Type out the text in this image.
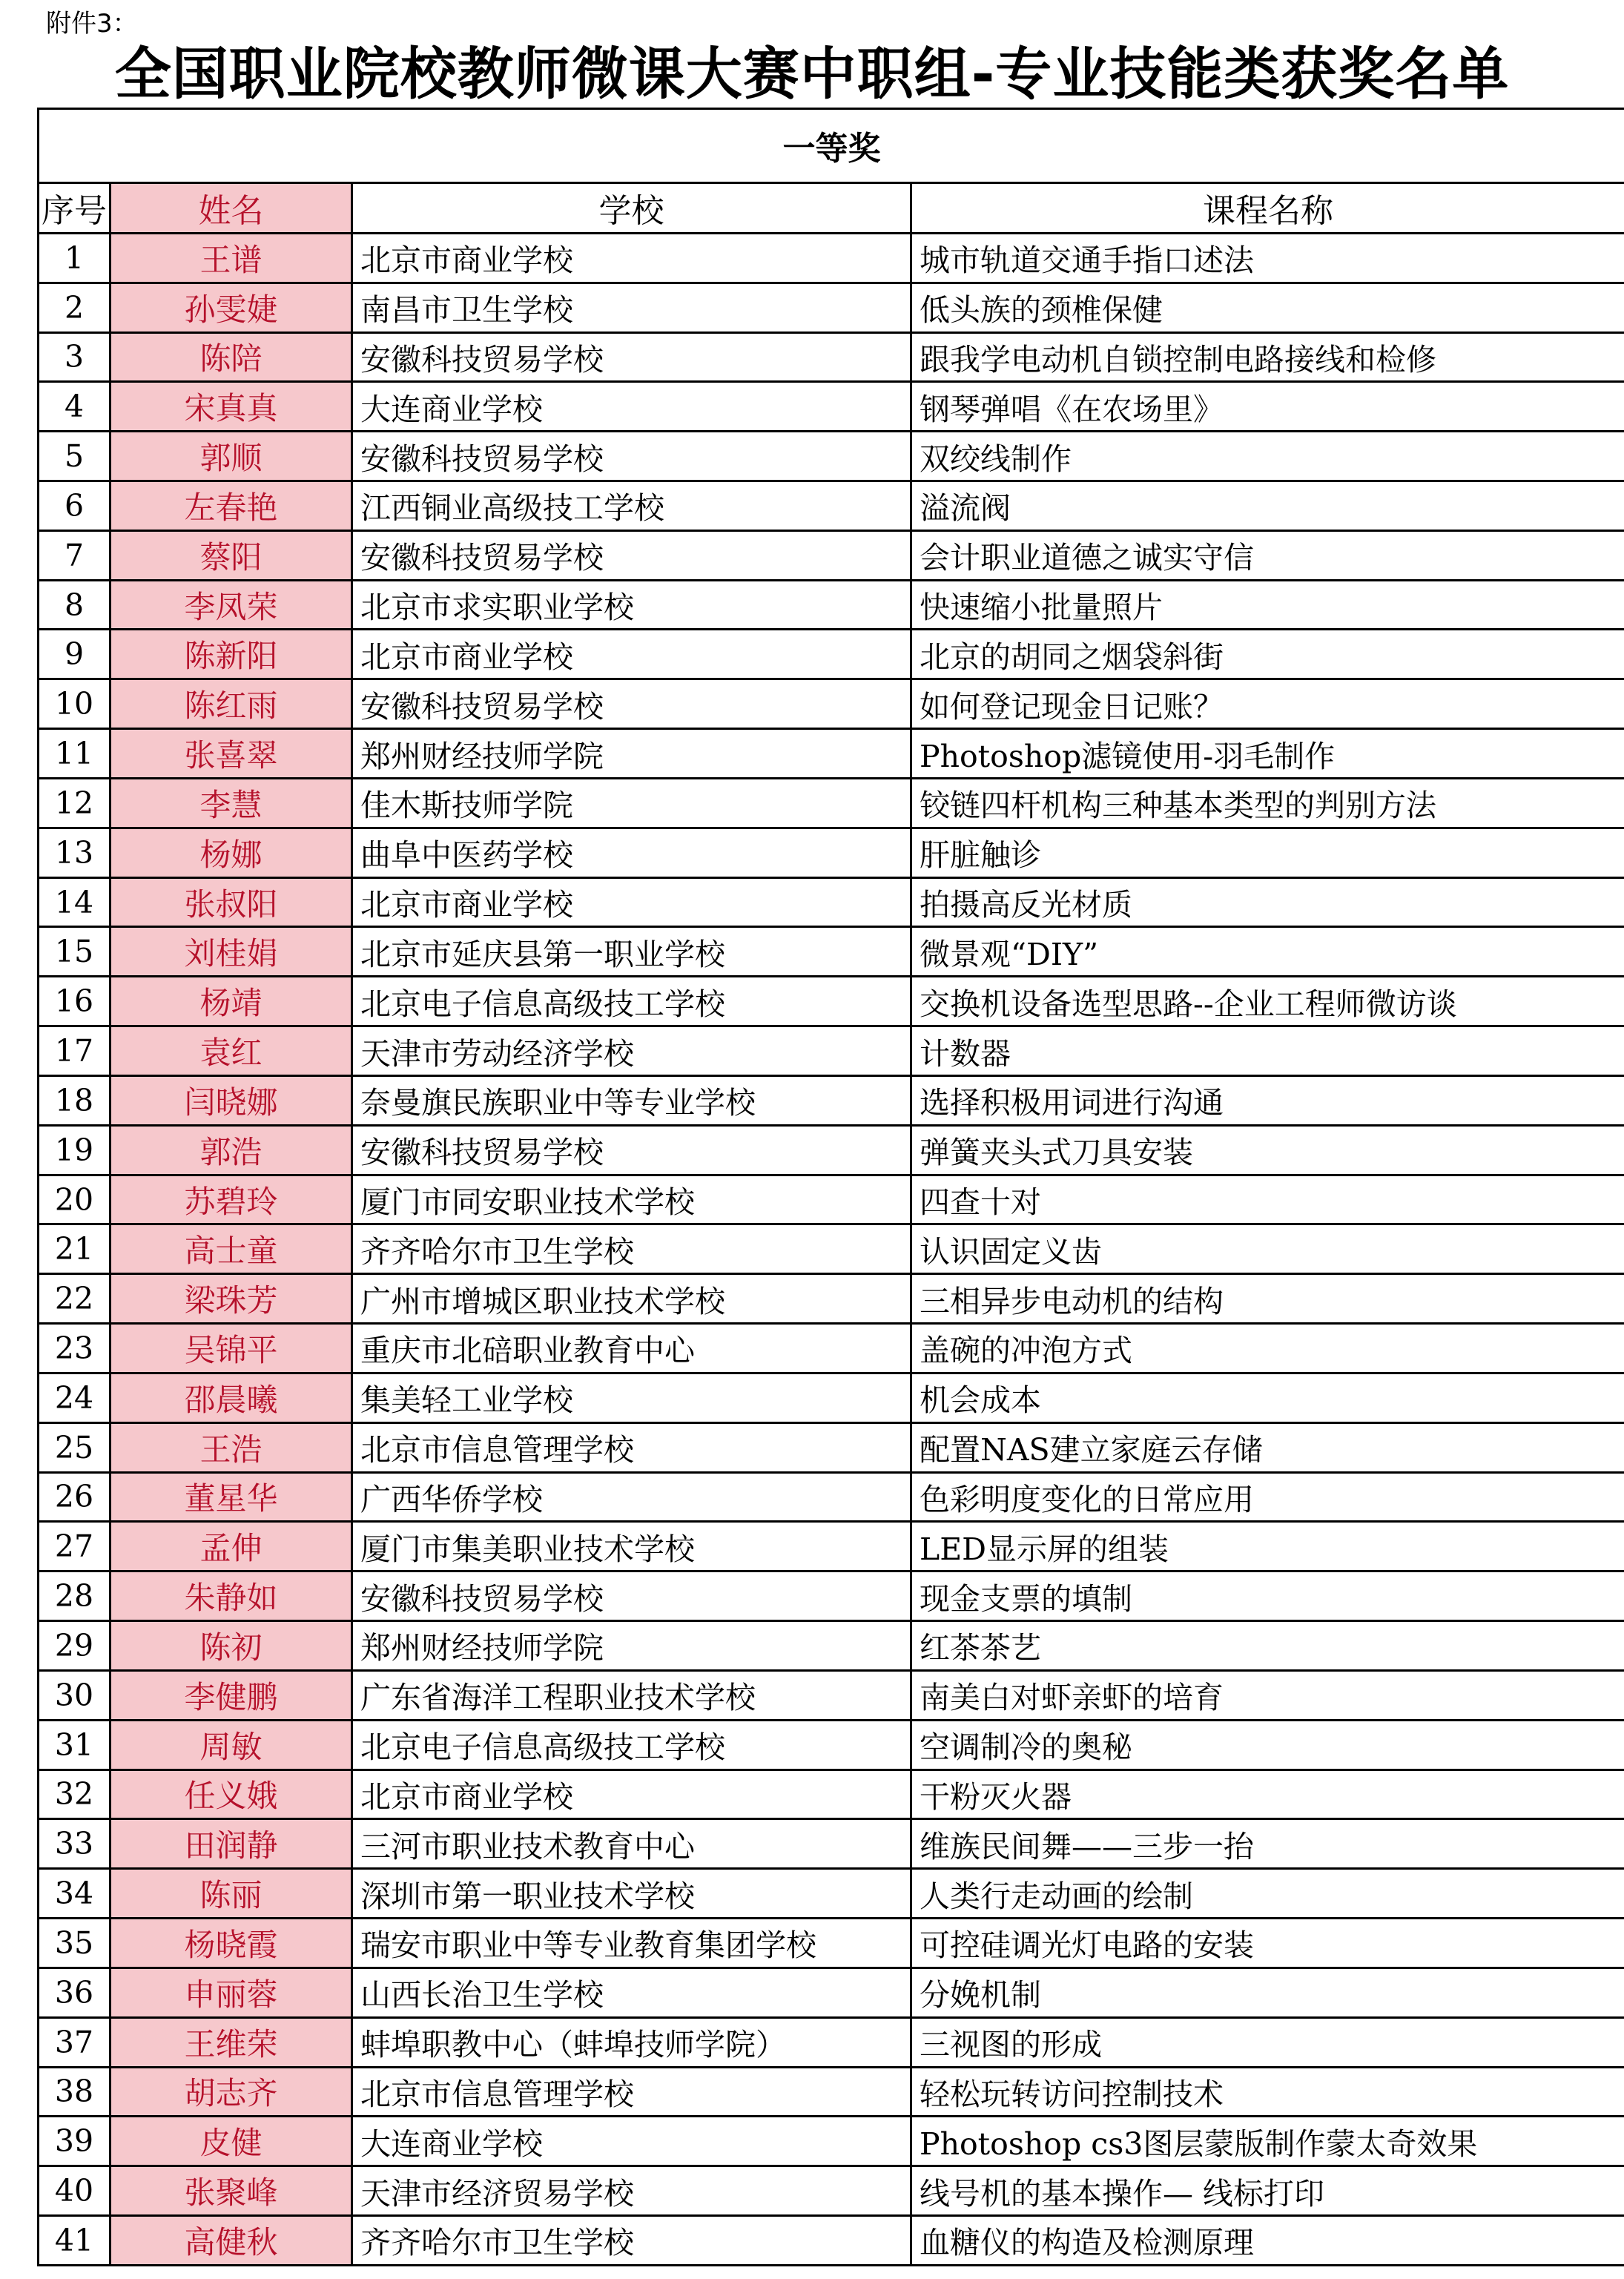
附件3：
全国职业院校教师微课大赛中职组-专业技能类获奖名单
一等奖			
序号	姓名	学校	课程名称
1	王谱	北京市商业学校	城市轨道交通手指口述法
2	孙雯婕	南昌市卫生学校	低头族的颈椎保健
3	陈陪	安徽科技贸易学校	跟我学电动机自锁控制电路接线和检修
4	宋真真	大连商业学校	钢琴弹唱《在农场里》
5	郭顺	安徽科技贸易学校	双绞线制作
6	左春艳	江西铜业高级技工学校	溢流阀
7	蔡阳	安徽科技贸易学校	会计职业道德之诚实守信
8	李凤荣	北京市求实职业学校	快速缩小批量照片
9	陈新阳	北京市商业学校	北京的胡同之烟袋斜街
10	陈红雨	安徽科技贸易学校	如何登记现金日记账？
11	张喜翠	郑州财经技师学院	Photoshop滤镜使用-羽毛制作
12	李慧	佳木斯技师学院	铰链四杆机构三种基本类型的判别方法
13	杨娜	曲阜中医药学校	肝脏触诊
14	张叔阳	北京市商业学校	拍摄高反光材质
15	刘桂娟	北京市延庆县第一职业学校	微景观“DIY”
16	杨靖	北京电子信息高级技工学校	交换机设备选型思路--企业工程师微访谈
17	袁红	天津市劳动经济学校	计数器
18	闫晓娜	奈曼旗民族职业中等专业学校	选择积极用词进行沟通
19	郭浩	安徽科技贸易学校	弹簧夹头式刀具安装
20	苏碧玲	厦门市同安职业技术学校	四查十对
21	高士童	齐齐哈尔市卫生学校	认识固定义齿
22	梁珠芳	广州市增城区职业技术学校	三相异步电动机的结构
23	吴锦平	重庆市北碚职业教育中心	盖碗的冲泡方式
24	邵晨曦	集美轻工业学校	机会成本
25	王浩	北京市信息管理学校	配置NAS建立家庭云存储
26	董星华	广西华侨学校	色彩明度变化的日常应用
27	孟伸	厦门市集美职业技术学校	LED显示屏的组装
28	朱静如	安徽科技贸易学校	现金支票的填制
29	陈初	郑州财经技师学院	红茶茶艺
30	李健鹏	广东省海洋工程职业技术学校	南美白对虾亲虾的培育
31	周敏	北京电子信息高级技工学校	空调制冷的奥秘
32	任义娥	北京市商业学校	干粉灭火器
33	田润静	三河市职业技术教育中心	维族民间舞——三步一抬
34	陈丽	深圳市第一职业技术学校	人类行走动画的绘制
35	杨晓霞	瑞安市职业中等专业教育集团学校	可控硅调光灯电路的安装
36	申丽蓉	山西长治卫生学校	分娩机制
37	王维荣	蚌埠职教中心（蚌埠技师学院）	三视图的形成
38	胡志齐	北京市信息管理学校	轻松玩转访问控制技术
39	皮健	大连商业学校	Photoshop cs3图层蒙版制作蒙太奇效果
40	张聚峰	天津市经济贸易学校	线号机的基本操作— 线标打印
41	高健秋	齐齐哈尔市卫生学校	血糖仪的构造及检测原理
